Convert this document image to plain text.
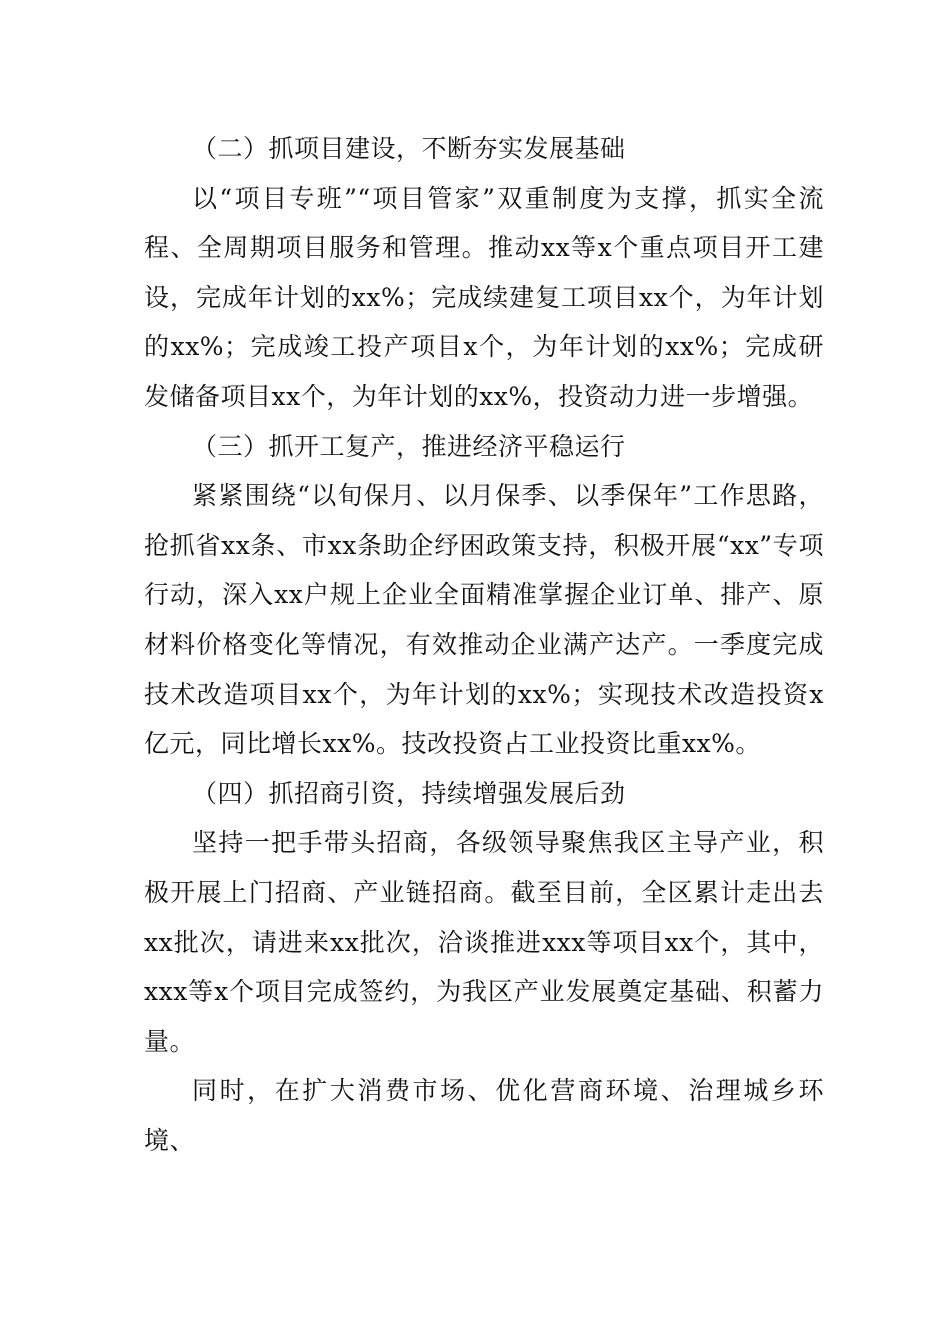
（二）抓项目建设，不断夯实发展基础

以“项目专班”“项目管家”双重制度为支撑，抓实全流程、全周期项目服务和管理。推动xx等x个重点项目开工建设，完成年计划的xx%；完成续建复工项目xx个，为年计划的xx%；完成竣工投产项目x个，为年计划的xx%；完成研发储备项目xx个，为年计划的xx%，投资动力进一步增强。

（三）抓开工复产，推进经济平稳运行

紧紧围绕“以旬保月、以月保季、以季保年”工作思路，抢抓省xx条、市xx条助企纾困政策支持，积极开展“xx”专项行动，深入xx户规上企业全面精准掌握企业订单、排产、原材料价格变化等情况，有效推动企业满产达产。一季度完成技术改造项目xx个，为年计划的xx%；实现技术改造投资x亿元，同比增长xx%。技改投资占工业投资比重xx%。

（四）抓招商引资，持续增强发展后劲

坚持一把手带头招商，各级领导聚焦我区主导产业，积极开展上门招商、产业链招商。截至目前，全区累计走出去xx批次，请进来xx批次，洽谈推进xxx等项目xx个，其中，xxx等x个项目完成签约，为我区产业发展奠定基础、积蓄力量。

同时，在扩大消费市场、优化营商环境、治理城乡环境、
